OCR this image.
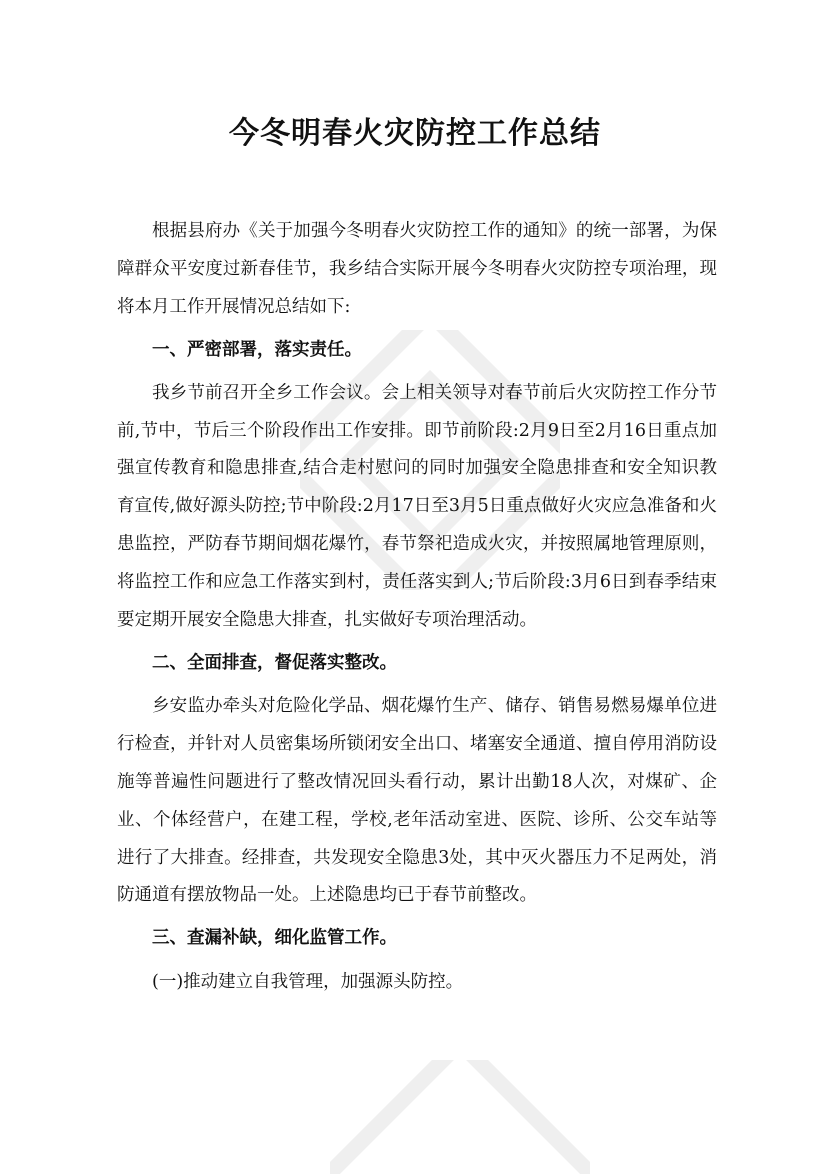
今冬明春火灾防控工作总结

根据县府办《关于加强今冬明春火灾防控工作的通知》的统一部署，为保障群众平安度过新春佳节，我乡结合实际开展今冬明春火灾防控专项治理，现将本月工作开展情况总结如下:

一、严密部署，落实责任。

我乡节前召开全乡工作会议。会上相关领导对春节前后火灾防控工作分节前,节中，节后三个阶段作出工作安排。即节前阶段:2月9日至2月16日重点加强宣传教育和隐患排查,结合走村慰问的同时加强安全隐患排查和安全知识教育宣传,做好源头防控;节中阶段:2月17日至3月5日重点做好火灾应急准备和火患监控，严防春节期间烟花爆竹，春节祭祀造成火灾，并按照属地管理原则，将监控工作和应急工作落实到村，责任落实到人;节后阶段:3月6日到春季结束要定期开展安全隐患大排查，扎实做好专项治理活动。

二、全面排查，督促落实整改。

乡安监办牵头对危险化学品、烟花爆竹生产、储存、销售易燃易爆单位进行检查，并针对人员密集场所锁闭安全出口、堵塞安全通道、擅自停用消防设施等普遍性问题进行了整改情况回头看行动，累计出勤18人次，对煤矿、企业、个体经营户，在建工程，学校,老年活动室进、医院、诊所、公交车站等进行了大排查。经排查，共发现安全隐患3处，其中灭火器压力不足两处，消防通道有摆放物品一处。上述隐患均已于春节前整改。

三、查漏补缺，细化监管工作。

(一)推动建立自我管理，加强源头防控。
